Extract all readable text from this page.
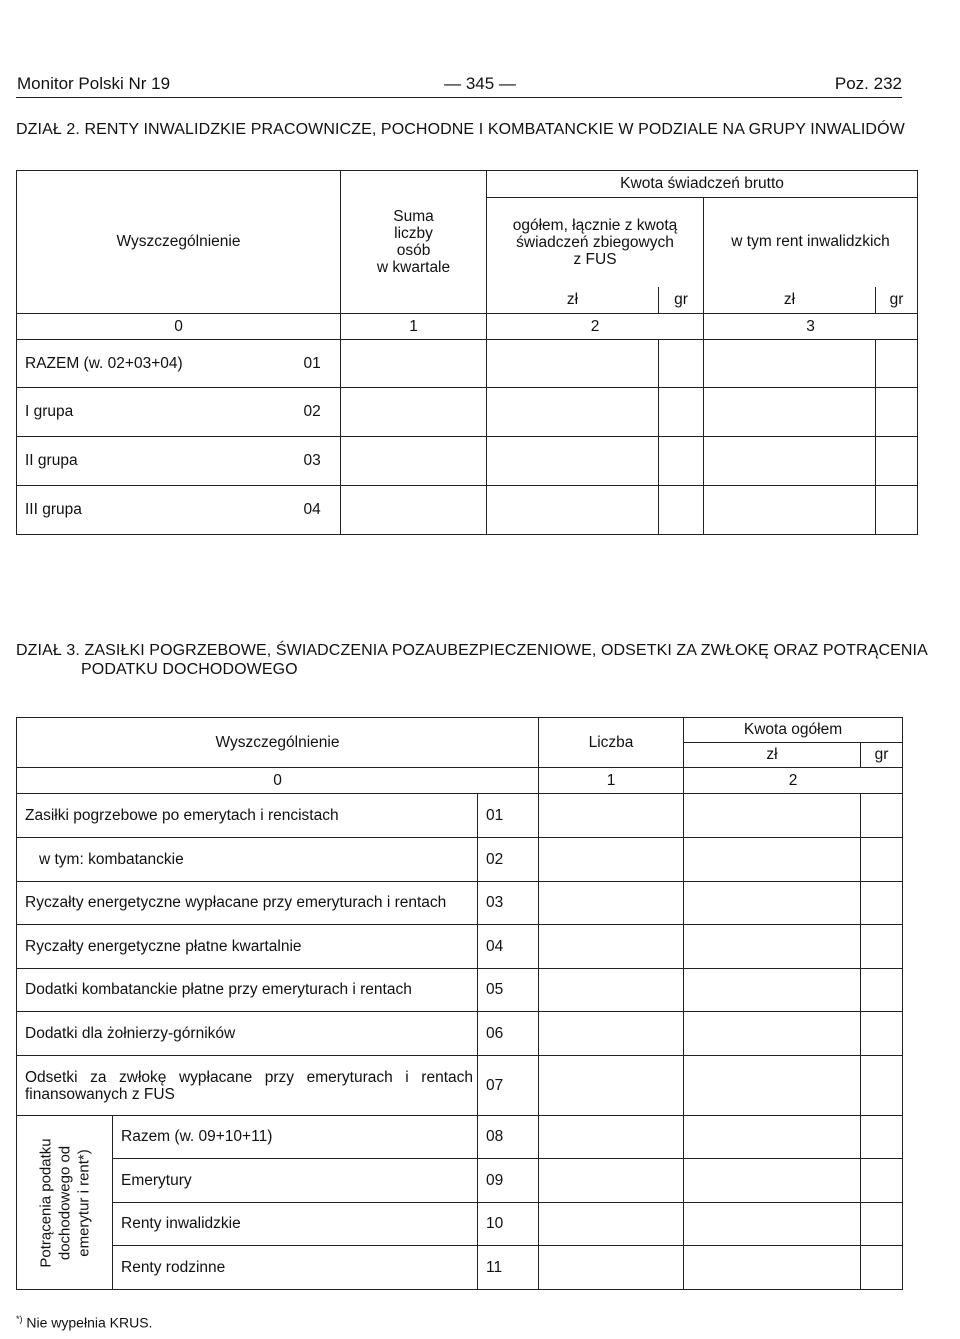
Monitor Polski Nr 19	— 345 —	Poz. 232
DZIAŁ 2. RENTY INWALIDZKIE PRACOWNICZE, POCHODNE I KOMBATANCKIE W PODZIALE NA GRUPY INWALIDÓW
Wyszczególnienie		Suma
liczby
osób
w kwartale	Kwota świadczeń brutto			

			ogółem, łącznie z kwotą
świadczeń zbiegowych
z FUS		w tym rent inwalidzkich	
			zł	gr	zł	gr
0		1	2		3	
RAZEM (w. 02+03+04)	01					
I grupa	02					
II grupa	03					
III grupa	04					
DZIAŁ 3. ZASIŁKI POGRZEBOWE, ŚWIADCZENIA POZAUBEZPIECZENIOWE, ODSETKI ZA ZWŁOKĘ ORAZ POTRĄCENIA
PODATKU DOCHODOWEGO
Wyszczególnienie			Liczba	Kwota ogółem	
				zł	gr
0			1	2	
Zasiłki pogrzebowe po emerytach i rencistach		01			
w tym: kombatanckie		02			
Ryczałty energetyczne wypłacane przy emeryturach i rentach		03			
Ryczałty energetyczne płatne kwartalnie		04			
Dodatki kombatanckie płatne przy emeryturach i rentach		05			
Dodatki dla żołnierzy-górników		06			
Odsetki za zwłokę wypłacane przy emeryturach i rentach finansowanych z FUS		07			

Potrącenia podatku dochodowego od emerytur i rent*)	Razem (w. 09+10+11)	08			
	Emerytury	09			
	Renty inwalidzkie	10			
	Renty rodzinne	11			
*) Nie wypełnia KRUS.
